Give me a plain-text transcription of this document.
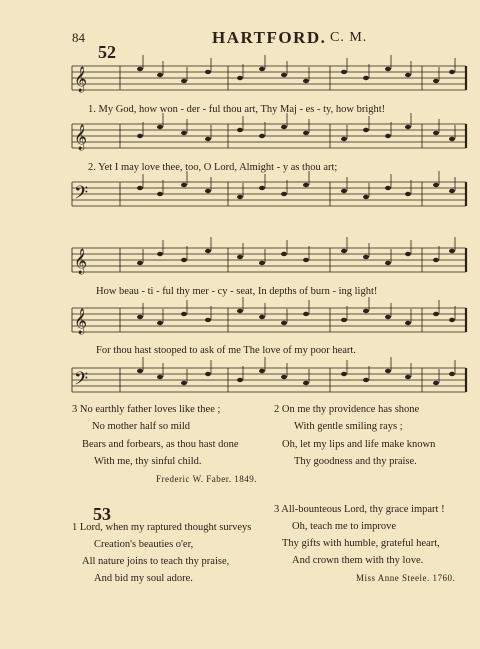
84	HARTFORD. C. M.
52
𝄞
𝄞
𝄢
𝄞
𝄞
𝄢
1. My God, how won - der - ful thou art, Thy Maj - es - ty, how bright!
2. Yet I may love thee, too, O Lord, Almight - y as thou art;
How beau - ti - ful thy mer - cy - seat, In depths of burn - ing light!
For thou hast stooped to ask of me The love of my poor heart.
3 No earthly father loves like thee ;
No mother half so mild
Bears and forbears, as thou hast done
With me, thy sinful child.
Frederic W. Faber. 1849.
2 On me thy providence has shone
With gentle smiling rays ;
Oh, let my lips and life make known
Thy goodness and thy praise.
53
1 Lord, when my raptured thought surveys
Creation's beauties o'er,
All nature joins to teach thy praise,
And bid my soul adore.
3 All-bounteous Lord, thy grace impart !
Oh, teach me to improve
Thy gifts with humble, grateful heart,
And crown them with thy love.
Miss Anne Steele. 1760.
